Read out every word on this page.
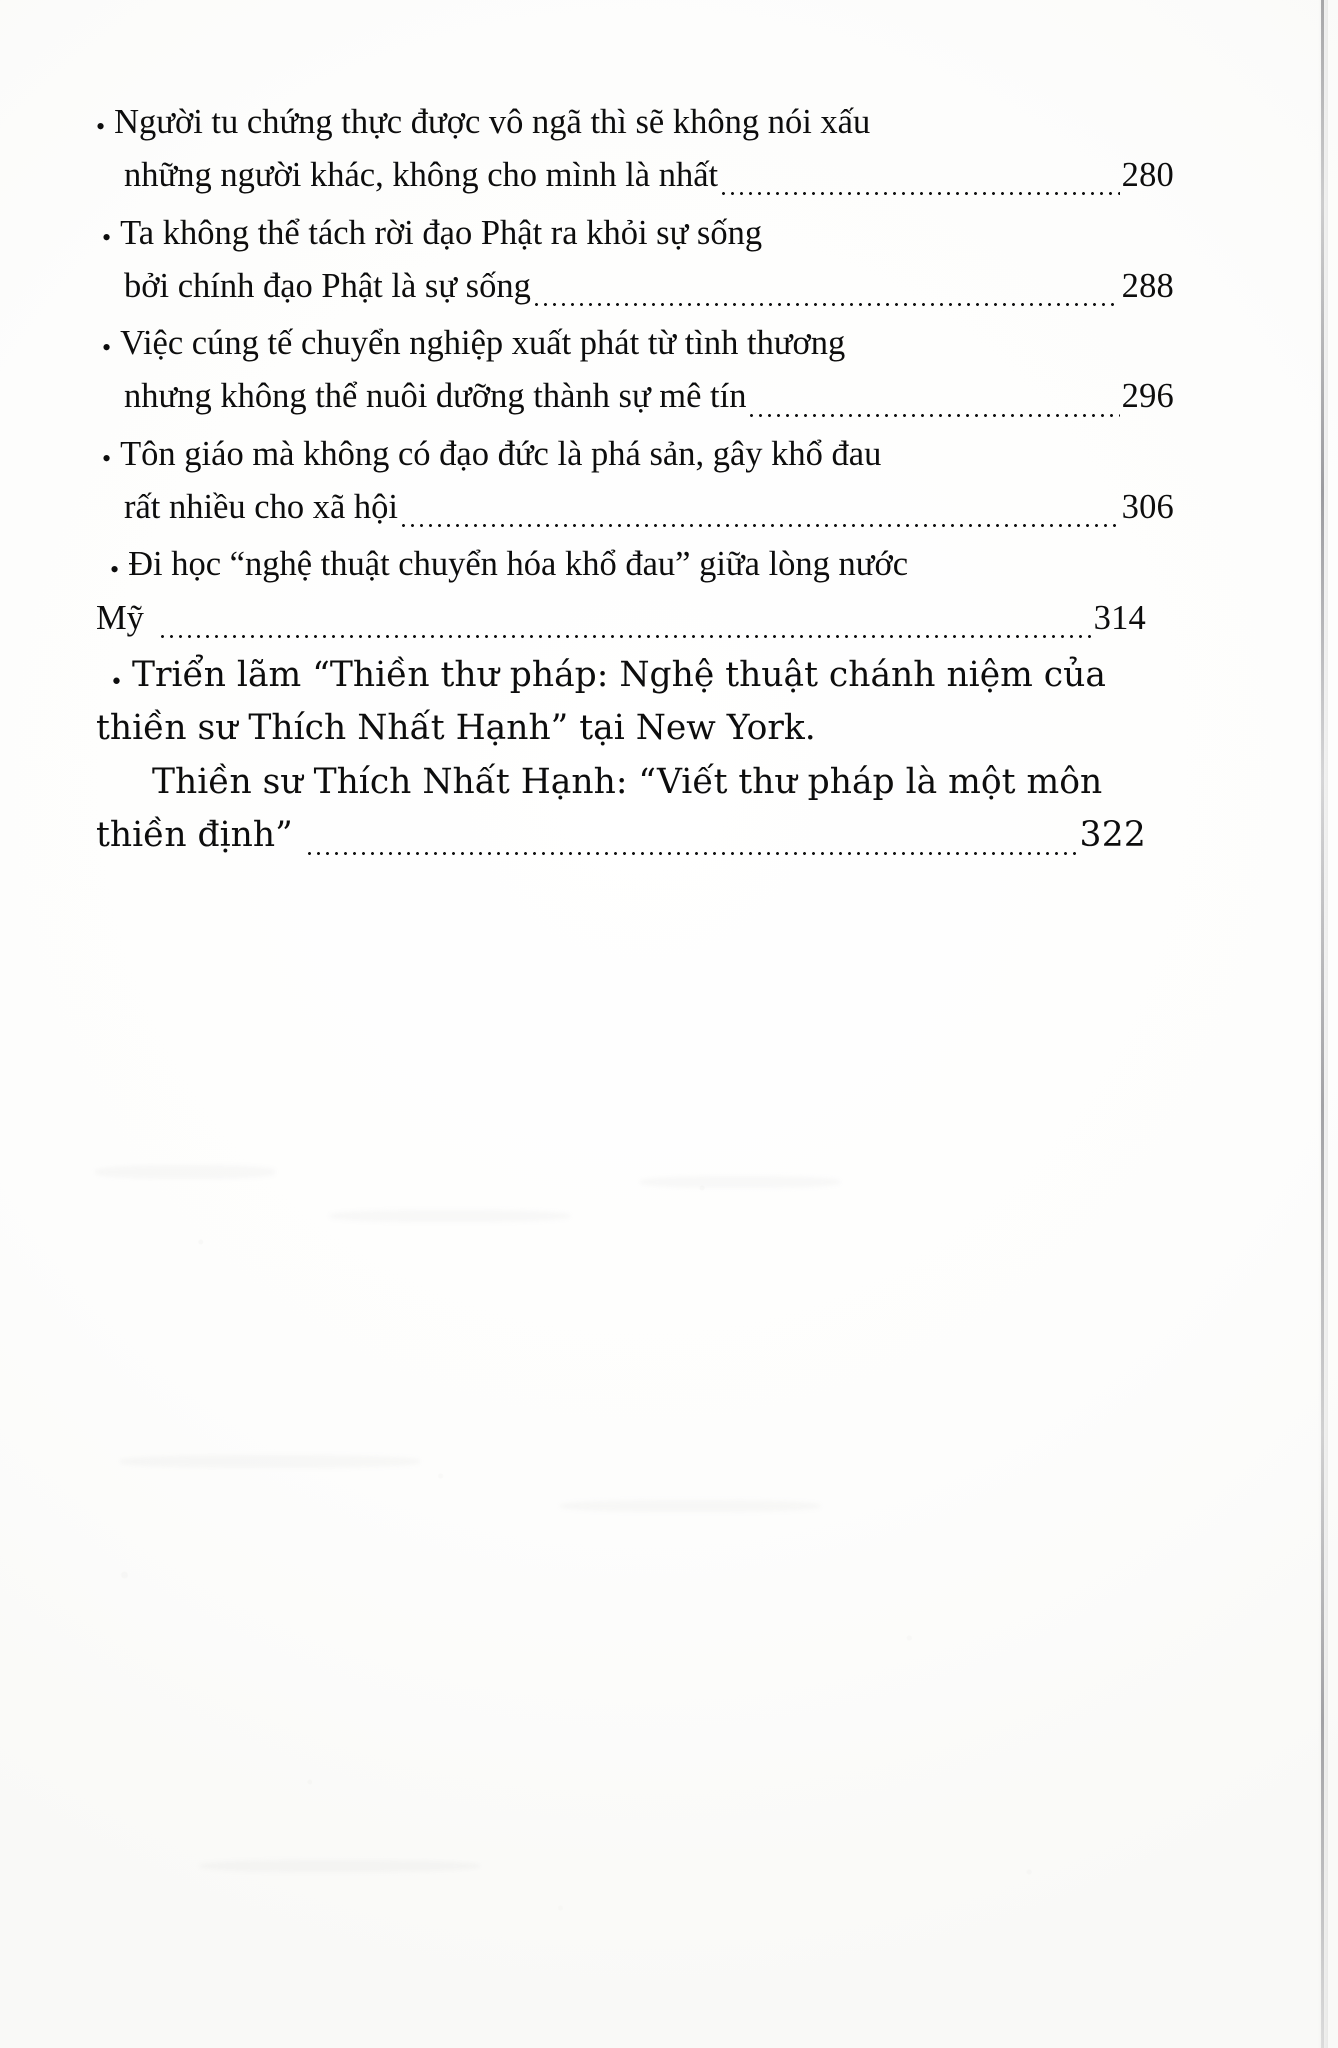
• Người tu chứng thực được vô ngã thì sẽ không nói xấu
những người khác, không cho mình là nhất	280
• Ta không thể tách rời đạo Phật ra khỏi sự sống
bởi chính đạo Phật là sự sống	288
• Việc cúng tế chuyển nghiệp xuất phát từ tình thương
nhưng không thể nuôi dưỡng thành sự mê tín	296
• Tôn giáo mà không có đạo đức là phá sản, gây khổ đau
rất nhiều cho xã hội	306
• Đi học “nghệ thuật chuyển hóa khổ đau” giữa lòng nước
Mỹ	314
• Triển lãm “Thiền thư pháp: Nghệ thuật chánh niệm của
thiền sư Thích Nhất Hạnh” tại New York.
Thiền sư Thích Nhất Hạnh: “Viết thư pháp là một môn
thiền định”	322
